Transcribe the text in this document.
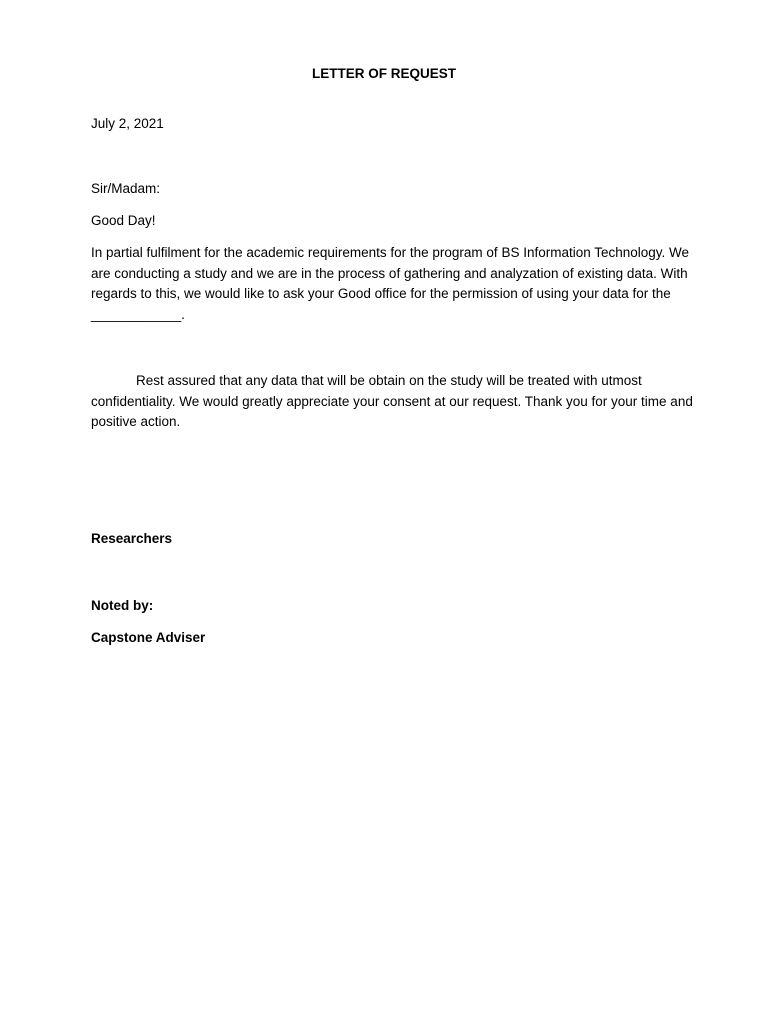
LETTER OF REQUEST
July 2, 2021
Sir/Madam:
Good Day!
In partial fulfilment for the academic requirements for the program of BS Information Technology. We
are conducting a study and we are in the process of gathering and analyzation of existing data. With
regards to this, we would like to ask your Good office for the permission of using your data for the
____________.
Rest assured that any data that will be obtain on the study will be treated with utmost
confidentiality. We would greatly appreciate your consent at our request. Thank you for your time and
positive action.
Researchers
Noted by:
Capstone Adviser
